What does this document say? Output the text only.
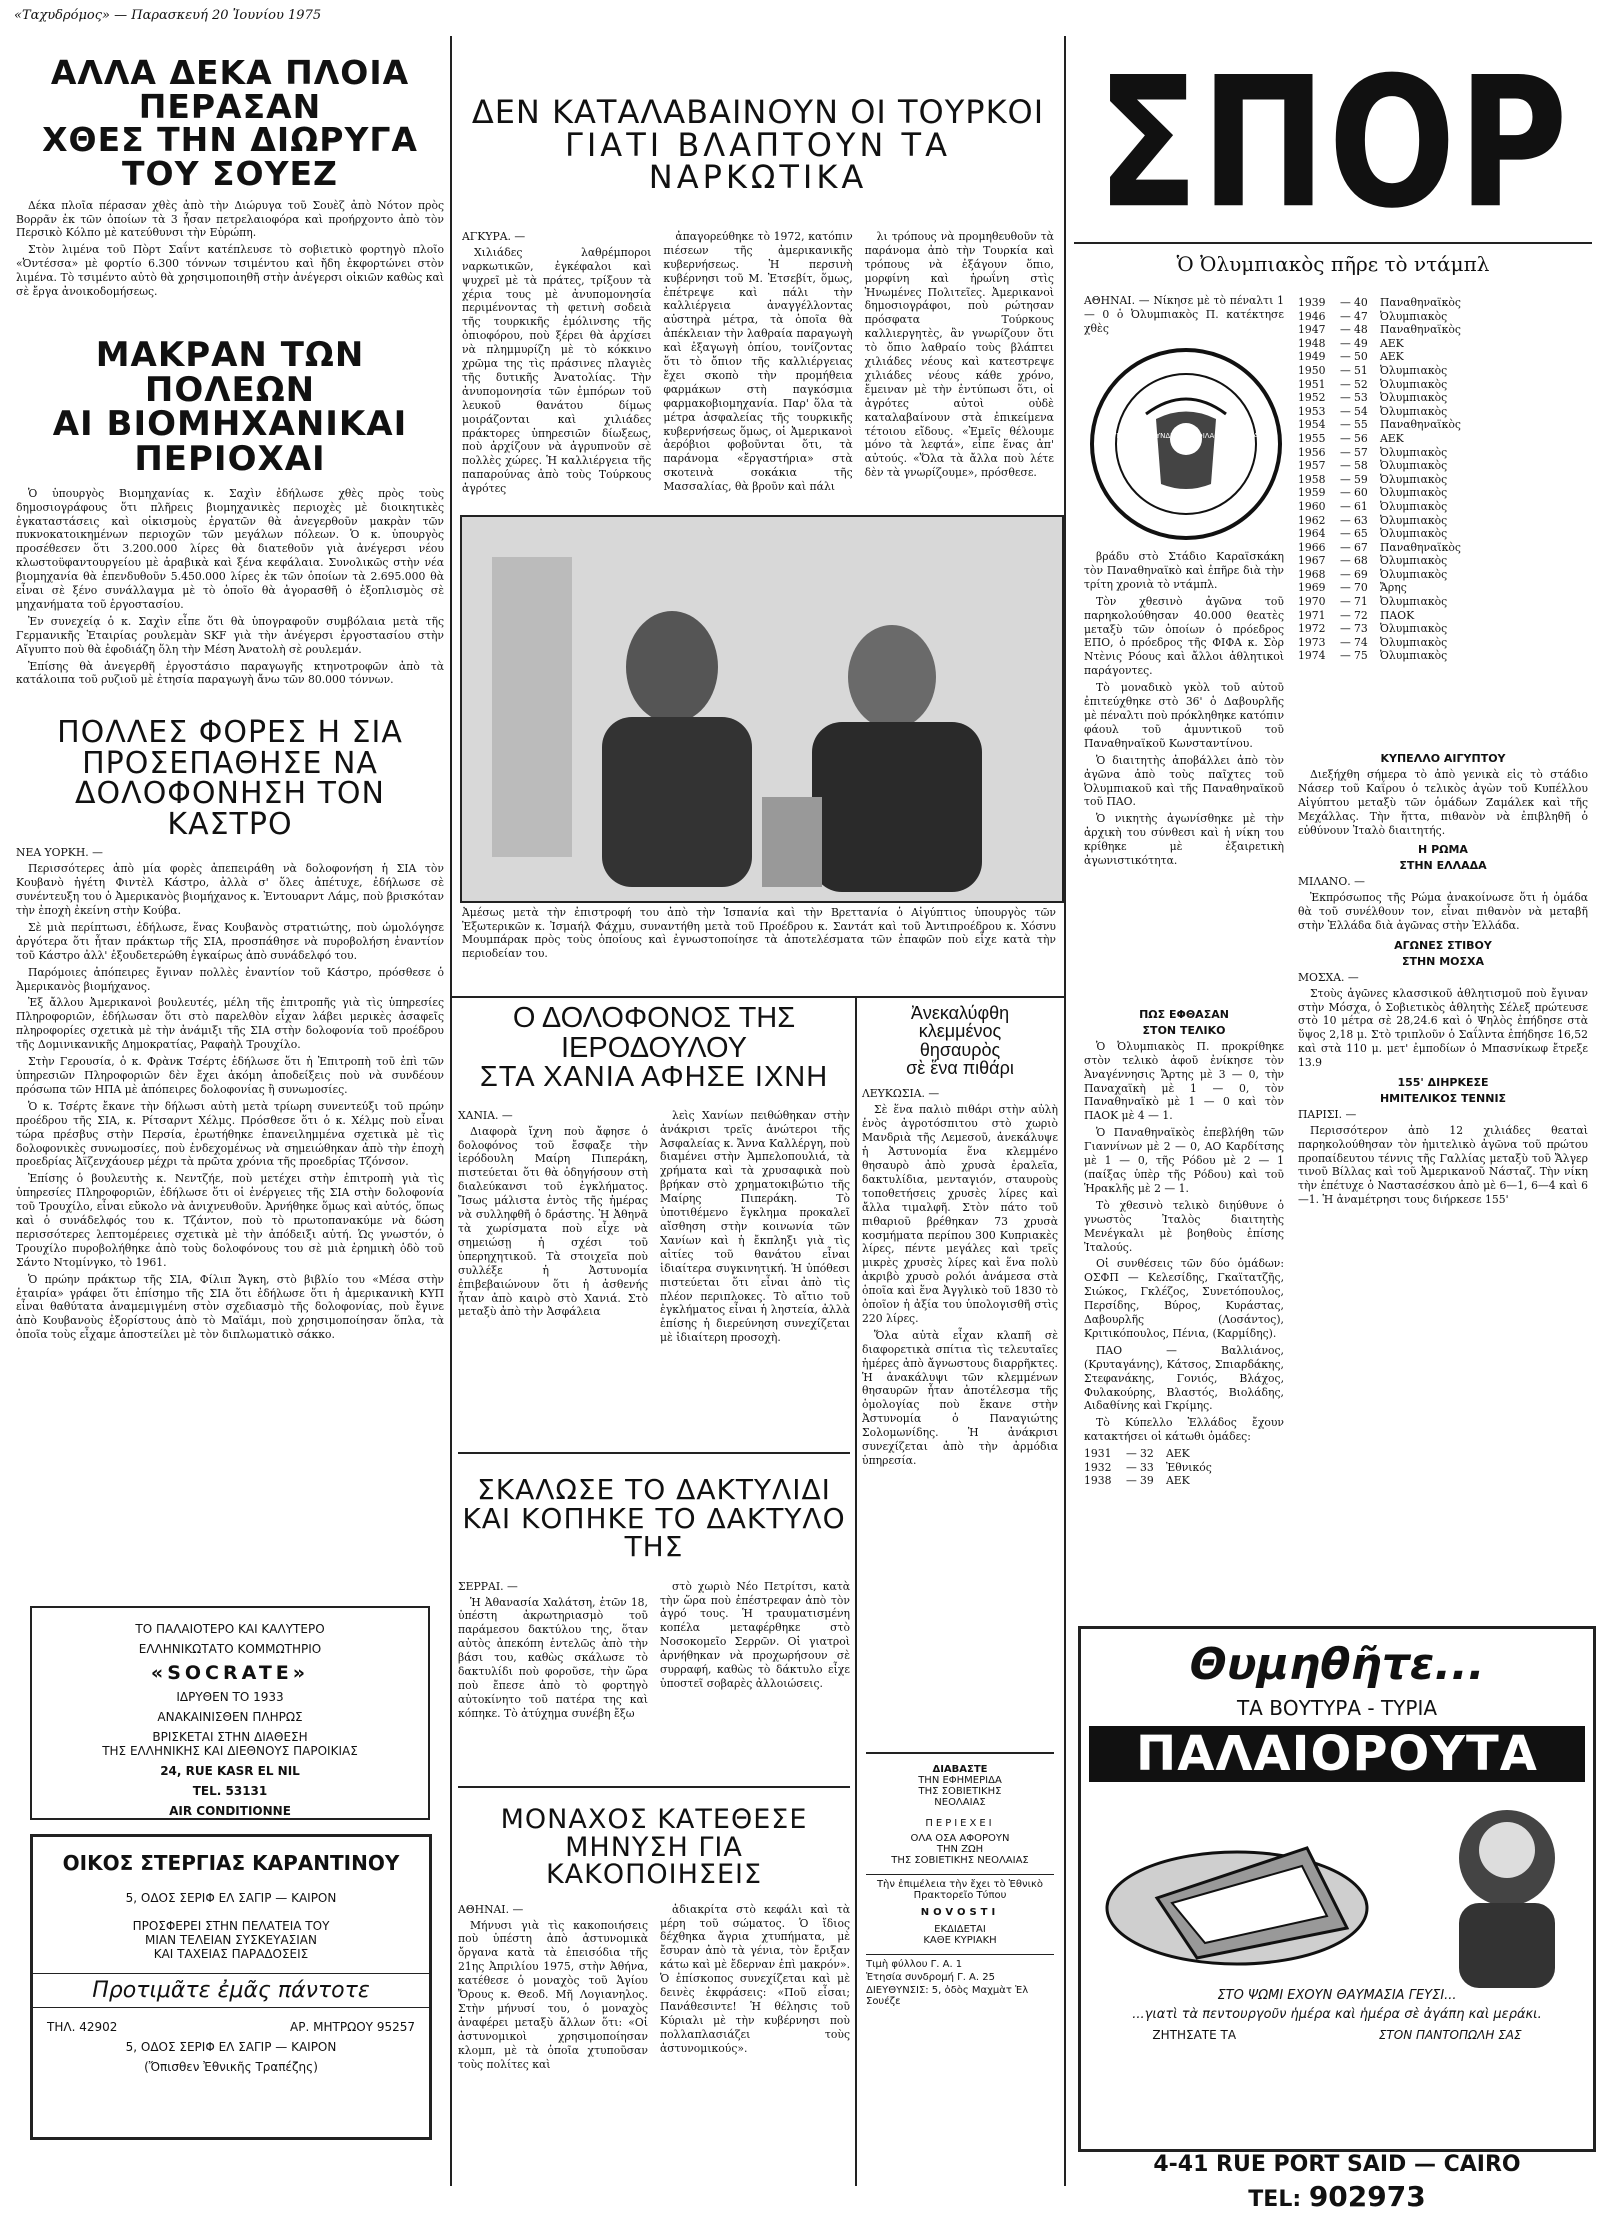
«Ταχυδρόμος» — Παρασκευή 20 Ἰουνίου 1975
ΑΛΛΑ ΔΕΚΑ ΠΛΟΙΑ ΠΕΡΑΣΑΝ
ΧΘΕΣ ΤΗΝ ΔΙΩΡΥΓΑ ΤΟΥ ΣΟΥΕΖ

Δέκα πλοῖα πέρασαν χθὲς ἀπὸ τὴν Διώρυγα τοῦ Σουὲζ ἀπὸ Νότον πρὸς Βορρᾶν ἐκ τῶν ὁποίων τὰ 3 ἦσαν πετρελαιοφόρα καὶ προήρχοντο ἀπὸ τὸν Περσικὸ Κόλπο μὲ κατεύθυνσι τὴν Εὐρώπη.

Στὸν λιμένα τοῦ Πὸρτ Σαΐντ κατέπλευσε τὸ σοβιετικὸ φορτηγὸ πλοῖο «Ὀντέσσα» μὲ φορτίο 6.300 τόννων τσιμέντου καὶ ἤδη ἐκφορτώνει στὸν λιμένα. Τὸ τσιμέντο αὐτὸ θὰ χρησιμοποιηθῆ στὴν ἀνέγερσι οἰκιῶν καθὼς καὶ σὲ ἔργα ἀνοικοδομήσεως.

ΜΑΚΡΑΝ ΤΩΝ ΠΟΛΕΩΝ
ΑΙ ΒΙΟΜΗΧΑΝΙΚΑΙ ΠΕΡΙΟΧΑΙ

Ὁ ὑπουργὸς Βιομηχανίας κ. Σαχὶν ἐδήλωσε χθὲς πρὸς τοὺς δημοσιογράφους ὅτι πλῆρεις βιομηχανικὲς περιοχὲς μὲ διοικητικὲς ἐγκαταστάσεις καὶ οἰκισμοὺς ἐργατῶν θὰ ἀνεγερθοῦν μακρὰν τῶν πυκνοκατοικημένων περιοχῶν τῶν μεγάλων πόλεων. Ὁ κ. ὑπουργὸς προσέθεσεν ὅτι 3.200.000 λίρες θὰ διατεθοῦν γιὰ ἀνέγερσι νέου κλωστοϋφαντουργείου μὲ ἀραβικὰ καὶ ξένα κεφάλαια. Συνολικῶς στὴν νέα βιομηχανία θὰ ἐπενδυθοῦν 5.450.000 λίρες ἐκ τῶν ὁποίων τὰ 2.695.000 θὰ εἶναι σὲ ξένο συνάλλαγμα μὲ τὸ ὁποῖο θὰ ἀγορασθῆ ὁ ἐξοπλισμὸς σὲ μηχανήματα τοῦ ἐργοστασίου.

Ἐν συνεχείᾳ ὁ κ. Σαχὶν εἶπε ὅτι θὰ ὑπογραφοῦν συμβόλαια μετὰ τῆς Γερμανικῆς Ἑταιρίας ρουλεμὰν SKF γιὰ τὴν ἀνέγερσι ἐργοστασίου στὴν Αἴγυπτο ποὺ θὰ ἐφοδιάζη ὅλη τὴν Μέση Ἀνατολὴ σὲ ρουλεμάν.

Ἐπίσης θὰ ἀνεγερθῆ ἐργοστάσιο παραγωγῆς κτηνοτροφῶν ἀπὸ τὰ κατάλοιπα τοῦ ρυζιοῦ μὲ ἐτησία παραγωγὴ ἄνω τῶν 80.000 τόννων.

ΠΟΛΛΕΣ ΦΟΡΕΣ Η ΣΙΑ
ΠΡΟΣΕΠΑΘΗΣΕ ΝΑ
ΔΟΛΟΦΟΝΗΣΗ ΤΟΝ ΚΑΣΤΡΟ

ΝΕΑ ΥΟΡΚΗ. —

Περισσότερες ἀπὸ μία φορὲς ἀπεπειράθη νὰ δολοφονήση ἡ ΣΙΑ τὸν Κουβανὸ ἡγέτη Φιντὲλ Κάστρο, ἀλλὰ σ' ὅλες ἀπέτυχε, ἐδήλωσε σὲ συνέντευξη του ὁ Ἀμερικανὸς βιομήχανος κ. Ἐντουαρντ Λάμς, ποὺ βρισκόταν τὴν ἐποχὴ ἐκείνη στὴν Κούβα.

Σὲ μιὰ περίπτωσι, ἐδήλωσε, ἕνας Κουβανὸς στρατιώτης, ποὺ ὡμολόγησε ἀργότερα ὅτι ἦταν πράκτωρ τῆς ΣΙΑ, προσπάθησε νὰ πυροβολήση ἐναντίον τοῦ Κάστρο ἀλλ' ἐξουδετερώθη ἐγκαίρως ἀπὸ συνάδελφό του.

Παρόμοιες ἀπόπειρες ἔγιναν πολλὲς ἐναντίον τοῦ Κάστρο, πρόσθεσε ὁ Ἀμερικανὸς βιομήχανος.

Ἐξ ἄλλου Ἀμερικανοὶ βουλευτές, μέλη τῆς ἐπιτροπῆς γιὰ τὶς ὑπηρεσίες Πληροφοριῶν, ἐδήλωσαν ὅτι στὸ παρελθὸν εἶχαν λάβει μερικὲς ἀσαφεῖς πληροφορίες σχετικὰ μὲ τὴν ἀνάμιξι τῆς ΣΙΑ στὴν δολοφονία τοῦ προέδρου τῆς Δομινικανικῆς Δημοκρατίας, Ραφαὴλ Τρουχίλο.

Στὴν Γερουσία, ὁ κ. Φρὰνκ Τσέρτς ἐδήλωσε ὅτι ἡ Ἐπιτροπὴ τοῦ ἐπὶ τῶν ὑπηρεσιῶν Πληροφοριῶν δὲν ἔχει ἀκόμη ἀποδείξεις ποὺ νὰ συνδέουν πρόσωπα τῶν ΗΠΑ μὲ ἀπόπειρες δολοφονίας ἢ συνωμοσίες.

Ὁ κ. Τσέρτς ἔκανε τὴν δήλωσι αὐτὴ μετὰ τρίωρη συνεντεύξι τοῦ πρώην προέδρου τῆς ΣΙΑ, κ. Ρίτσαρντ Χέλμς. Πρόσθεσε ὅτι ὁ κ. Χέλμς ποὺ εἶναι τώρα πρέσβυς στὴν Περσία, ἐρωτήθηκε ἐπανειλημμένα σχετικὰ μὲ τὶς δολοφονικὲς συνωμοσίες, ποὺ ἐνδεχομένως νὰ σημειώθηκαν ἀπὸ τὴν ἐποχὴ προεδρίας Ἀϊζενχάουερ μέχρι τὰ πρῶτα χρόνια τῆς προεδρίας Τζόνσον.

Ἐπίσης ὁ βουλευτὴς κ. Νεντζήε, ποὺ μετέχει στὴν ἐπιτροπὴ γιὰ τὶς ὑπηρεσίες Πληροφοριῶν, ἐδήλωσε ὅτι οἱ ἐνέργειες τῆς ΣΙΑ στὴν δολοφονία τοῦ Τρουχίλο, εἶναι εὔκολο νὰ ἀνιχνευθοῦν. Ἀρνήθηκε ὅμως καὶ αὐτός, ὅπως καὶ ὁ συνάδελφός του κ. Τζάντον, ποὺ τὸ πρωτοπανακύμε νὰ δώση περισσότερες λεπτομέρειες σχετικὰ μὲ τὴν ἀπόδειξι αὐτή. Ὡς γνωστόν, ὁ Τρουχίλο πυροβολήθηκε ἀπὸ τοὺς δολοφόνους του σὲ μιὰ ἐρημικὴ ὁδὸ τοῦ Σάντο Ντομίνγκο, τὸ 1961.

Ὁ πρώην πράκτωρ τῆς ΣΙΑ, Φίλιπ Ἄγκη, στὸ βιβλίο του «Μέσα στὴν ἑταιρία» γράφει ὅτι ἐπίσημο τῆς ΣΙΑ ὅτι ἐδήλωσε ὅτι ἡ ἀμερικανικὴ ΚΥΠ εἶναι θαθύτατα ἀναμεμιγμένη στὸν σχεδιασμὸ τῆς δολοφονίας, ποὺ ἔγινε ἀπὸ Κουβανοὺς ἐξορίστους ἀπὸ τὸ Μαϊάμι, ποὺ χρησιμοποίησαν ὅπλα, τὰ ὁποῖα τοὺς εἶχαμε ἀποστείλει μὲ τὸν διπλωματικὸ σάκκο.

ΤΟ ΠΑΛΑΙΟΤΕΡΟ ΚΑΙ ΚΑΛΥΤΕΡΟ
ΕΛΛΗΝΙΚΩΤΑΤΟ ΚΟΜΜΩΤΗΡΙΟ
«SOCRATE»
ΙΔΡΥΘΕΝ ΤΟ 1933
ΑΝΑΚΑΙΝΙΣΘΕΝ ΠΛΗΡΩΣ
ΒΡΙΣΚΕΤΑΙ ΣΤΗΝ ΔΙΑΘΕΣΗ
ΤΗΣ ΕΛΛΗΝΙΚΗΣ ΚΑΙ ΔΙΕΘΝΟΥΣ ΠΑΡΟΙΚΙΑΣ
24, RUE KASR EL NIL
TEL. 53131
AIR CONDITIONNE
ΟΙΚΟΣ ΣΤΕΡΓΙΑΣ ΚΑΡΑΝΤΙΝΟΥ
5, ΟΔΟΣ ΣΕΡΙΦ ΕΛ ΣΑΓΙΡ — ΚΑΙΡΟΝ
ΠΡΟΣΦΕΡΕΙ ΣΤΗΝ ΠΕΛΑΤΕΙΑ ΤΟΥ
ΜΙΑΝ ΤΕΛΕΙΑΝ ΣΥΣΚΕΥΑΣΙΑΝ
ΚΑΙ ΤΑΧΕΙΑΣ ΠΑΡΑΔΟΣΕΙΣ
Προτιμᾶτε ἐμᾶς πάντοτε
ΤΗΛ. 42902	ΑΡ. ΜΗΤΡΩΟΥ 95257
5, ΟΔΟΣ ΣΕΡΙΦ ΕΛ ΣΑΓΙΡ — ΚΑΙΡΟΝ
(Ὄπισθεν Ἐθνικῆς Τραπέζης)
ΔΕΝ ΚΑΤΑΛΑΒΑΙΝΟΥΝ ΟΙ ΤΟΥΡΚΟΙ
ΓΙΑΤΙ ΒΛΑΠΤΟΥΝ ΤΑ ΝΑΡΚΩΤΙΚΑ

ΑΓΚΥΡΑ. —

Χιλιάδες λαθρέμποροι ναρκωτικῶν, ἐγκέφαλοι καὶ ψυχρεῖ μὲ τὰ πράτες, τρίξουν τὰ χέρια τους μὲ ἀνυπομονησία περιμένοντας τὴ φετινὴ σοδειὰ τῆς τουρκικῆς ἐμόλινσης τῆς ὀπιοφόρου, ποὺ ξέρει θὰ ἀρχίσει νὰ πλημμυρίζη μὲ τὸ κόκκινο χρῶμα της τὶς πράσινες πλαγιὲς τῆς δυτικῆς Ἀνατολίας. Τὴν ἀνυπομονησία τῶν ἐμπόρων τοῦ λευκοῦ θανάτου δίμως μοιράζονται καὶ χιλιάδες πράκτορες ὑπηρεσιῶν δίωξεως, ποὺ ἀρχίζουν νὰ ἀγρυπνοῦν σὲ πολλὲς χώρες. Ἡ καλλιέργεια τῆς παπαρούνας ἀπὸ τοὺς Τούρκους ἀγρότες

ἀπαγορεύθηκε τὸ 1972, κατόπιν πιέσεων τῆς ἀμερικανικῆς κυβερνήσεως. Ἡ περσινὴ κυβέρνησι τοῦ Μ. Ἐτσεβίτ, ὅμως, ἐπέτρεψε καὶ πάλι τὴν καλλιέργεια ἀναγγέλλοντας αὐστηρὰ μέτρα, τὰ ὁποῖα θὰ ἀπέκλειαν τὴν λαθραία παραγωγὴ καὶ ἐξαγωγὴ ὀπίου, τονίζοντας ὅτι τὸ ὄπιον τῆς καλλιέργειας ἔχει σκοπὸ τὴν προμήθεια φαρμάκων στὴ παγκόσμια φαρμακοβιομηχανία. Παρ' ὅλα τὰ μέτρα ἀσφαλείας τῆς τουρκικῆς κυβερνήσεως ὅμως, οἱ Ἀμερικανοὶ ἀερόβιοι φοβοῦνται ὅτι, τὰ παράνομα «ἔργαστήρια» στὰ σκοτεινὰ σοκάκια τῆς Μασσαλίας, θὰ βροῦν καὶ πάλι

λι τρόπους νὰ προμηθευθοῦν τὰ παράνομα ἀπὸ τὴν Τουρκία καὶ τρόπους νὰ ἐξάγουν ὅπιο, μορφίνη καὶ ἡρωΐνη στὶς Ἡνωμένες Πολιτεῖες. Ἀμερικανοὶ δημοσιογράφοι, ποὺ ρώτησαν πρόσφατα Τούρκους καλλιεργητὲς, ἂν γνωρίζουν ὅτι τὸ ὄπιο λαθραίο τοὺς βλάπτει χιλιάδες νέους καὶ κατεστρεψε χιλιάδες νέους κάθε χρόνο, ἔμειναν μὲ τὴν ἐντύπωσι ὅτι, οἱ ἀγρότες αὐτοὶ οὐδὲ καταλαβαίνουν στὰ ἐπικείμενα τέτοιου εἴδους. «Ἐμεῖς θέλουμε μόνο τὰ λεφτά», εἶπε ἕνας ἀπ' αὐτούς. «Ὅλα τὰ ἄλλα ποὺ λέτε δὲν τὰ γνωρίζουμε», πρόσθεσε.

Ἀμέσως μετὰ τὴν ἐπιστροφή του ἀπὸ τὴν Ἱσπανία καὶ τὴν Βρεττανία ὁ Αἰγύπτιος ὑπουργὸς τῶν Ἐξωτερικῶν κ. Ἰσμαήλ Φάχμυ, συναντήθη μετὰ τοῦ Προέδρου κ. Σαντάτ καὶ τοῦ Ἀντιπροέδρου κ. Χόσνυ Μουμπάρακ πρὸς τοὺς ὁποίους καὶ ἐγνωστοποίησε τὰ ἀποτελέσματα τῶν ἐπαφῶν ποὺ εἶχε κατὰ τὴν περιοδείαν του.
Ο ΔΟΛΟΦΟΝΟΣ ΤΗΣ ΙΕΡΟΔΟΥΛΟΥ
ΣΤΑ ΧΑΝΙΑ ΑΦΗΣΕ ΙΧΝΗ

ΧΑΝΙΑ. —

Διαφορὰ ἴχνη ποὺ ἄφησε ὁ δολοφόνος τοῦ ἔσφαξε τὴν ἱερόδουλη Μαίρη Πιπεράκη, πιστεύεται ὅτι θὰ ὁδηγήσουν στὴ διαλεύκανσι τοῦ ἐγκλήματος. Ἴσως μάλιστα ἐντὸς τῆς ἡμέρας νὰ συλληφθῆ ὁ δράστης. Ἡ Ἀθηνᾶ τὰ χωρίσματα ποὺ εἶχε νὰ σημειώσῃ ἡ σχέσι τοῦ ὑπερηχητικοῦ. Τὰ στοιχεῖα ποὺ συλλέξε ἡ Ἀστυνομία ἐπιβεβαιώνουν ὅτι ἡ ἀσθενής ἦταν ἀπὸ καιρὸ στὸ Χανιά. Στὸ μεταξὺ ἀπὸ τὴν Ἀσφάλεια

λεὶς Χανίων πειθώθηκαν στὴν ἀνάκρισι τρεῖς ἀνώτεροι τῆς Ἀσφαλείας κ. Ἄννα Καλλέργη, ποὺ διαμένει στὴν Ἀμπελοπουλιά, τὰ χρήματα καὶ τὰ χρυσαφικὰ ποὺ βρήκαν στὸ χρηματοκιβώτιο τῆς Μαίρης Πιπεράκη. Τὸ ὑποτιθέμενο ἔγκλημα προκαλεῖ αἴσθηση στὴν κοινωνία τῶν Χανίων καὶ ἡ ἔκπληξι γιὰ τὶς αἰτίες τοῦ θανάτου εἶναι ἰδιαίτερα συγκινητική. Ἡ ὑπόθεσι πιστεύεται ὅτι εἶναι ἀπὸ τὶς πλέον περιπλοκες. Τὸ αἴτιο τοῦ ἐγκλήματος εἶναι ἡ ληστεία, ἀλλὰ ἐπίσης ἡ διερεύνηση συνεχίζεται μὲ ἰδιαίτερη προσοχὴ.

ΣΚΑΛΩΣΕ ΤΟ ΔΑΚΤΥΛΙΔΙ
ΚΑΙ ΚΟΠΗΚΕ ΤΟ ΔΑΚΤΥΛΟ ΤΗΣ

ΣΕΡΡΑΙ. —

Ἡ Ἀθανασία Χαλάτση, ἐτῶν 18, ὑπέστη ἀκρωτηριασμὸ τοῦ παράμεσου δακτύλου της, ὅταν αὐτὸς ἀπεκόπη ἐντελῶς ἀπὸ τὴν βάσι του, καθὼς σκάλωσε τὸ δακτυλίδι ποὺ φοροῦσε, τὴν ὥρα ποὺ ἔπεσε ἀπὸ τὸ φορτηγὸ αὐτοκίνητο τοῦ πατέρα της καὶ κόπηκε. Τὸ ἀτύχημα συνέβη ἔξω

στὸ χωριὸ Νέο Πετρίτσι, κατὰ τὴν ὥρα ποὺ ἐπέστρεφαν ἀπὸ τὸν ἀγρό τους. Ἡ τραυματισμένη κοπέλα μεταφέρθηκε στὸ Νοσοκομεῖο Σερρῶν. Οἱ γιατροὶ ἀρνήθηκαν νὰ προχωρήσουν σὲ συρραφή, καθὼς τὸ δάκτυλο εἶχε ὑποστεῖ σοβαρὲς ἀλλοιώσεις.

ΜΟΝΑΧΟΣ ΚΑΤΕΘΕΣΕ
ΜΗΝΥΣΗ ΓΙΑ ΚΑΚΟΠΟΙΗΣΕΙΣ

ΑΘΗΝΑΙ. —

Μήνυσι γιὰ τὶς κακοποιήσεις ποὺ ὑπέστη ἀπὸ ἀστυνομικὰ ὄργανα κατὰ τὰ ἐπεισόδια τῆς 21ης Ἀπριλίου 1975, στὴν Ἀθήνα, κατέθεσε ὁ μοναχὸς τοῦ Ἁγίου Ὄρους κ. Θεοδ. Μῆ Λογιανηλος. Στὴν μήνυσί του, ὁ μοναχὸς ἀναφέρει μεταξὺ ἄλλων ὅτι: «Οἱ ἀστυνομικοὶ χρησιμοποίησαν κλομπ, μὲ τὰ ὁποῖα χτυποῦσαν τοὺς πολίτες καὶ

ἀδιακρίτα στὸ κεφάλι καὶ τὰ μέρη τοῦ σώματος. Ὁ ἴδιος δέχθηκα ἄγρια χτυπήματα, μὲ ἔσυραν ἀπὸ τὰ γένια, τὸν ἔριξαν κάτω καὶ μὲ ἔδερναν ἐπὶ μακρόν». Ὁ ἐπίσκοπος συνεχίζεται καὶ μὲ δεινὲς ἐκφράσεις: «Ποῦ εἶσαι; Πανάθεσιντε! Ἡ θέλησις τοῦ Κύριαλι μὲ τὴν κυβέρνησι ποὺ πολλαπλασιάζει τοὺς ἀστυνομικούς».

Ἀνεκαλύφθη
κλεμμένος
θησαυρὸς
σὲ ἕνα πιθάρι

ΛΕΥΚΩΣΙΑ. —

Σὲ ἕνα παλιὸ πιθάρι στὴν αὐλὴ ἑνὸς ἀγροτόσπιτου στὸ χωριὸ Μανδριὰ τῆς Λεμεσοῦ, ἀνεκάλυψε ἡ Ἀστυνομία ἕνα κλεμμένο θησαυρὸ ἀπὸ χρυσὰ ἐραλεῖα, δακτυλίδια, μενταγιόν, σταυροὺς τοποθετήσεις χρυσὲς λίρες καὶ ἄλλα τιμαλφῆ. Στὸν πάτο τοῦ πιθαριοῦ βρέθηκαν 73 χρυσὰ κοσμήματα περίπου 300 Κυπριακὲς λίρες, πέντε μεγάλες καὶ τρεῖς μικρὲς χρυσὲς λίρες καὶ ἕνα πολὺ ἀκριβὸ χρυσὸ ρολόι ἀνάμεσα στὰ ὁποῖα καὶ ἕνα Ἀγγλικὸ τοῦ 1830 τὸ ὁποῖον ἡ ἀξία του ὑπολογισθῆ στὶς 220 λίρες.

Ὅλα αὐτὰ εἶχαν κλαπῆ σὲ διαφορετικὰ σπίτια τὶς τελευταῖες ἡμέρες ἀπὸ ἄγνωστους διαρρῆκτες. Ἡ ἀνακάλυψι τῶν κλεμμένων θησαυρῶν ἦταν ἀποτέλεσμα τῆς ὁμολογίας ποὺ ἔκανε στὴν Ἀστυνομία ὁ Παναγιώτης Σολομωνίδης. Ἡ ἀνάκρισι συνεχίζεται ἀπὸ τὴν ἀρμόδια ὑπηρεσία.

ΔΙΑΒΑΣΤΕ
ΤΗΝ ΕΦΗΜΕΡΙΔΑ
ΤΗΣ ΣΟΒΙΕΤΙΚΗΣ
ΝΕΟΛΑΙΑΣ
ΠΕΡΙΕΧΕΙ
ΟΛΑ ΟΣΑ ΑΦΟΡΟΥΝ
ΤΗΝ ΖΩΗ
ΤΗΣ ΣΟΒΙΕΤΙΚΗΣ ΝΕΟΛΑΙΑΣ
Τὴν ἐπιμέλεια τὴν ἔχει τὸ Ἐθνικὸ Πρακτορεῖο Τύπου
NOVOSTI
ΕΚΔΙΔΕΤΑΙ
ΚΑΘΕ ΚΥΡΙΑΚΗ
Τιμὴ φύλλου Γ. Α. 1
Ἐτησία συνδρομή Γ. Α. 25
ΔΙΕΥΘΥΝΣΙΣ: 5, ὁδὸς Μαχμὰτ Ἐλ Σουέζε
ΣΠΟΡ
Ὁ Ὀλυμπιακὸς πῆρε τὸ ντάμπλ
ΑΘΗΝΑΙ. — Νίκησε μὲ τὸ πέναλτι 1 — 0 ὁ Ὀλυμπιακὸς Π. κατέκτησε χθὲς
ΟΛΥΜΠΙΑΚΟΣ ΣΥΝΔΕΣΜΟΣ ΦΙΛΑΘΛΩΝ ΠΕΙΡΑΙΩΣ

βράδυ στὸ Στάδιο Καραϊσκάκη τὸν Παναθηναϊκὸ καὶ ἐπῆρε διὰ τὴν τρίτη χρονιὰ τὸ ντάμπλ.

Τὸν χθεσινὸ ἀγῶνα τοῦ παρηκολούθησαν 40.000 θεατὲς μεταξὺ τῶν ὁποίων ὁ πρόεδρος ΕΠΟ, ὁ πρόεδρος τῆς ΦΙΦΑ κ. Σὸρ Ντὲνις Ρόους καὶ ἄλλοι ἀθλητικοὶ παράγοντες.

Τὸ μοναδικὸ γκὸλ τοῦ αὐτοῦ ἐπιτεύχθηκε στὸ 36' ὁ Δαβουρλῆς μὲ πέναλτι ποὺ πρόκληθηκε κατόπιν φάουλ τοῦ ἀμυντικοῦ τοῦ Παναθηναϊκοῦ Κωνσταντίνου.

Ὁ διαιτητὴς ἀποβάλλει ἀπὸ τὸν ἀγῶνα ἀπὸ τοὺς παῖχτες τοῦ Ὀλυμπιακοῦ καὶ τῆς Παναθηναϊκοῦ τοῦ ΠΑΟ.

Ὁ νικητὴς ἀγωνίσθηκε μὲ τὴν ἀρχικὴ του σύνθεσι καὶ ἡ νίκη του κρίθηκε μὲ ἐξαιρετικὴ ἀγωνιστικότητα.

1939	— 40	Παναθηναϊκὸς
1946	— 47	Ὀλυμπιακὸς
1947	— 48	Παναθηναϊκὸς
1948	— 49	ΑΕΚ
1949	— 50	ΑΕΚ
1950	— 51	Ὀλυμπιακὸς
1951	— 52	Ὀλυμπιακὸς
1952	— 53	Ὀλυμπιακὸς
1953	— 54	Ὀλυμπιακὸς
1954	— 55	Παναθηναϊκὸς
1955	— 56	ΑΕΚ
1956	— 57	Ὀλυμπιακὸς
1957	— 58	Ὀλυμπιακὸς
1958	— 59	Ὀλυμπιακὸς
1959	— 60	Ὀλυμπιακὸς
1960	— 61	Ὀλυμπιακὸς
1962	— 63	Ὀλυμπιακὸς
1964	— 65	Ὀλυμπιακὸς
1966	— 67	Παναθηναϊκὸς
1967	— 68	Ὀλυμπιακὸς
1968	— 69	Ὀλυμπιακὸς
1969	— 70	Ἄρης
1970	— 71	Ὀλυμπιακὸς
1971	— 72	ΠΑΟΚ
1972	— 73	Ὀλυμπιακὸς
1973	— 74	Ὀλυμπιακὸς
1974	— 75	Ὀλυμπιακὸς
ΠΩΣ ΕΦΘΑΣΑΝ
ΣΤΟΝ ΤΕΛΙΚΟ

Ὁ Ὀλυμπιακὸς Π. προκρίθηκε στὸν τελικὸ ἀφοῦ ἐνίκησε τὸν Ἀναγέννησις Ἄρτης μὲ 3 — 0, τὴν Παναχαϊκὴ μὲ 1 — 0, τὸν Παναθηναϊκὸ μὲ 1 — 0 καὶ τὸν ΠΑΟΚ μὲ 4 — 1.

Ὁ Παναθηναϊκὸς ἐπεβλήθη τῶν Γιαννίνων μὲ 2 — 0, ΑΟ Καρδίτσης μὲ 1 — 0, τῆς Ρόδου μὲ 2 — 1 (παίξας ὑπὲρ τῆς Ρόδου) καὶ τοῦ Ἡρακλῆς μὲ 2 — 1.

Τὸ χθεσινὸ τελικὸ διηύθυνε ὁ γνωστὸς Ἰταλὸς διαιτητὴς Μενέγκαλι μὲ βοηθοὺς ἐπίσης Ἰταλούς.

Οἱ συνθέσεις τῶν δύο ὁμάδων: ΟΣΦΠ — Κελεσίδης, Γκαϊτατζῆς, Σιώκος, Γκλέζος, Συνετόπουλος, Περσίδης, Βύρος, Κυράστας, Δαβουρλῆς (Λοσάντος), Κριτικόπουλος, Πένια, (Καρμίδης).

ΠΑΟ — Βαλλιάνος, (Κρυταγάνης), Κάτσος, Σπιαρδάκης, Στεφανάκης, Γονιός, Βλάχος, Φυλακούρης, Βλαστός, Βιολάδης, Αιδαθίνης καὶ Γκρίμης.

Τὸ Κύπελλο Ἑλλάδος ἔχουν κατακτήσει οἱ κάτωθι ὁμάδες:

1931	— 32	ΑΕΚ
1932	— 33	Ἐθνικός
1938	— 39	ΑΕΚ
ΚΥΠΕΛΛΟ ΑΙΓΥΠΤΟΥ

Διεξήχθη σήμερα τὸ ἀπὸ γενικὰ εἰς τὸ στάδιο Νάσερ τοῦ Καΐρου ὁ τελικὸς ἀγὼν τοῦ Κυπέλλου Αἰγύπτου μεταξὺ τῶν ὁμάδων Ζαμάλεκ καὶ τῆς Μεχάλλας. Τὴν ἥττα, πιθανὸν νὰ ἐπιβληθῆ ὁ εὐθύνουν Ἰταλὸ διαιτητής.

Η ΡΩΜΑ
ΣΤΗΝ ΕΛΛΑΔΑ

ΜΙΛΑΝΟ. —

Ἐκπρόσωπος τῆς Ρώμα ἀνακοίνωσε ὅτι ἡ ὁμάδα θὰ τοῦ συνέλθουν τον, εἶναι πιθανὸν νὰ μεταβῆ στὴν Ἑλλάδα διὰ ἀγῶνας στὴν Ἑλλάδα.

ΑΓΩΝΕΣ ΣΤΙΒΟΥ
ΣΤΗΝ ΜΟΣΧΑ

ΜΟΣΧΑ. —

Στοὺς ἀγῶνες κλασσικοῦ ἀθλητισμοῦ ποὺ ἔγιναν στὴν Μόσχα, ὁ Σοβιετικὸς ἀθλητὴς Σέλεξ πρώτευσε στὸ 10 μέτρα σὲ 28,24.6 καὶ ὁ Ψηλὸς ἐπήδησε στὰ ὕψος 2,18 μ. Στὸ τριπλοῦν ὁ Σαΐλντα ἐπήδησε 16,52 καὶ στὰ 110 μ. μετ' ἐμποδίων ὁ Μπασνίκωφ ἔτρεξε 13.9

155' ΔΙΗΡΚΕΣΕ
ΗΜΙΤΕΛΙΚΟΣ ΤΕΝΝΙΣ

ΠΑΡΙΣΙ. —

Περισσότερον ἀπὸ 12 χιλιάδες θεαταὶ παρηκολούθησαν τὸν ἡμιτελικὸ ἀγῶνα τοῦ πρώτου προπαίδευτου τέννις τῆς Γαλλίας μεταξὺ τοῦ Ἄλγερ τινοῦ Βίλλας καὶ τοῦ Ἀμερικανοῦ Νάσταζ. Τὴν νίκη τὴν ἐπέτυχε ὁ Ναστασέσκου ἀπὸ μὲ 6—1, 6—4 καὶ 6—1. Ἡ ἀναμέτρησι τους διήρκεσε 155'

Θυμηθῆτε...
ΤΑ ΒΟΥΤΥΡΑ - ΤΥΡΙΑ
ΠΑΛΑΙΟΡΟΥΤΑ
ΣΤΟ ΨΩΜΙ ΕΧΟΥΝ ΘΑΥΜΑΣΙΑ ΓΕΥΣΙ...
...γιατὶ τὰ πεντουργοῦν ἡμέρα καὶ ἡμέρα σὲ ἀγάπη καὶ μεράκι.
ΖΗΤΗΣΑΤΕ ΤΑ	ΣΤΟΝ ΠΑΝΤΟΠΩΛΗ ΣΑΣ
4-41 RUE PORT SAID — CAIRO
TEL: 902973
